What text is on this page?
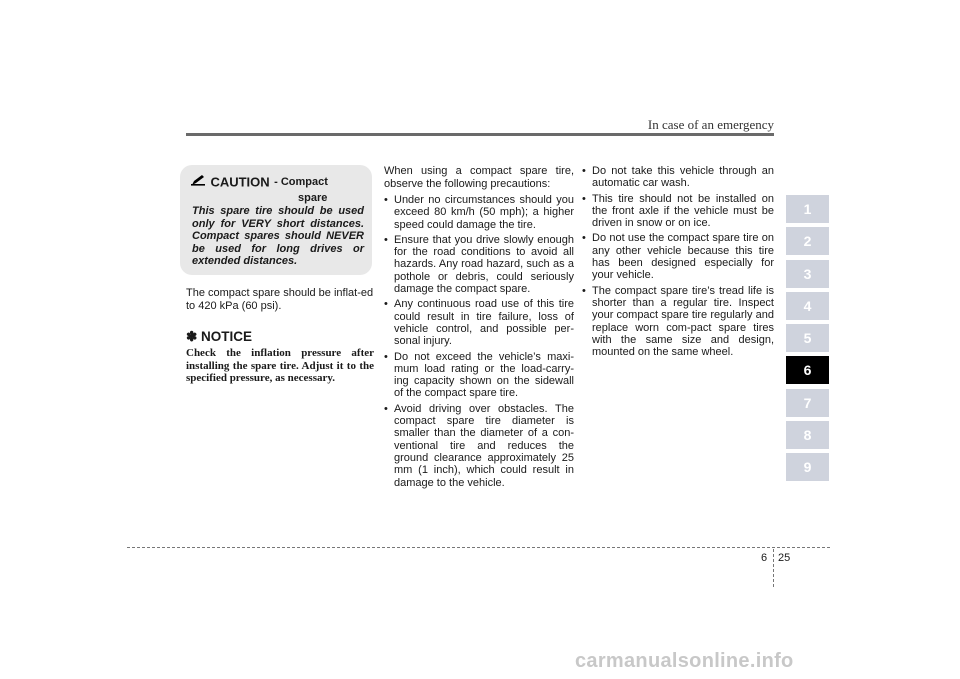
In case of an emergency
CAUTION - Compact
spare
This spare tire should be used only for VERY short distances. Compact spares should NEVER be used for long drives or extended distances.
The compact spare should be inflat-ed to 420 kPa (60 psi).
✽ NOTICE
Check the inflation pressure after installing the spare tire. Adjust it to the specified pressure, as necessary.
When using a compact spare tire, observe the following precautions:
• Under no circumstances should you exceed 80 km/h (50 mph); a higher speed could damage the tire.
• Ensure that you drive slowly enough for the road conditions to avoid all hazards. Any road hazard, such as a pothole or debris, could seriously damage the compact spare.
• Any continuous road use of this tire could result in tire failure, loss of vehicle control, and possible per-sonal injury.
• Do not exceed the vehicle’s maxi-mum load rating or the load-carry-ing capacity shown on the sidewall of the compact spare tire.
• Avoid driving over obstacles. The compact spare tire diameter is smaller than the diameter of a con-ventional tire and reduces the ground clearance approximately 25 mm (1 inch), which could result in damage to the vehicle.
• Do not take this vehicle through an automatic car wash.
• This tire should not be installed on the front axle if the vehicle must be driven in snow or on ice.
• Do not use the compact spare tire on any other vehicle because this tire has been designed especially for your vehicle.
• The compact spare tire’s tread life is shorter than a regular tire. Inspect your compact spare tire regularly and replace worn com-pact spare tires with the same size and design, mounted on the same wheel.
1
2
3
4
5
6
7
8
9
6 25
carmanualsonline.info
